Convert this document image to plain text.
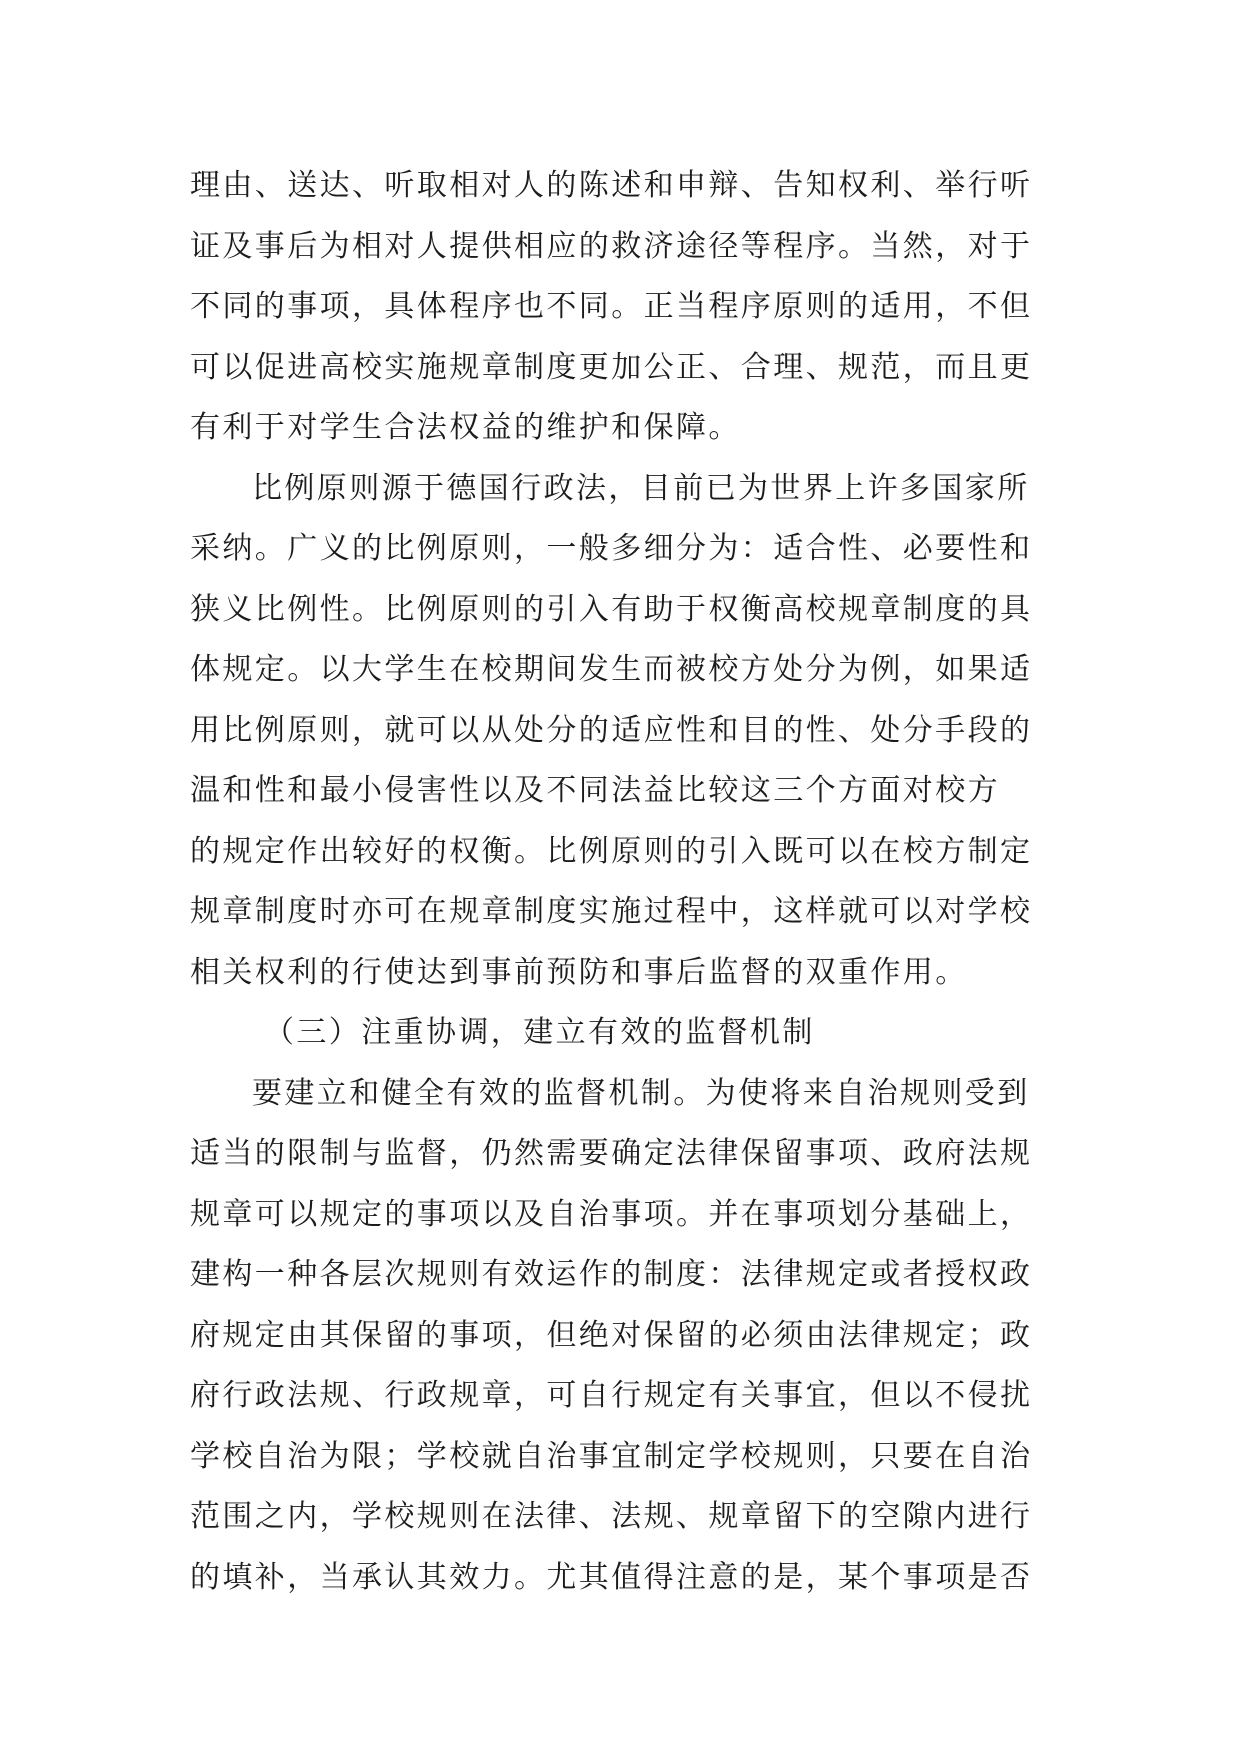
理由、送达、听取相对人的陈述和申辩、告知权利、举行听
证及事后为相对人提供相应的救济途径等程序。当然，对于
不同的事项，具体程序也不同。正当程序原则的适用，不但
可以促进高校实施规章制度更加公正、合理、规范，而且更
有利于对学生合法权益的维护和保障。
比例原则源于德国行政法，目前已为世界上许多国家所
采纳。广义的比例原则，一般多细分为：适合性、必要性和
狭义比例性。比例原则的引入有助于权衡高校规章制度的具
体规定。以大学生在校期间发生而被校方处分为例，如果适
用比例原则，就可以从处分的适应性和目的性、处分手段的
温和性和最小侵害性以及不同法益比较这三个方面对校方
的规定作出较好的权衡。比例原则的引入既可以在校方制定
规章制度时亦可在规章制度实施过程中，这样就可以对学校
相关权利的行使达到事前预防和事后监督的双重作用。
（三）注重协调，建立有效的监督机制
要建立和健全有效的监督机制。为使将来自治规则受到
适当的限制与监督，仍然需要确定法律保留事项、政府法规
规章可以规定的事项以及自治事项。并在事项划分基础上，
建构一种各层次规则有效运作的制度：法律规定或者授权政
府规定由其保留的事项，但绝对保留的必须由法律规定；政
府行政法规、行政规章，可自行规定有关事宜，但以不侵扰
学校自治为限；学校就自治事宜制定学校规则，只要在自治
范围之内，学校规则在法律、法规、规章留下的空隙内进行
的填补，当承认其效力。尤其值得注意的是，某个事项是否
